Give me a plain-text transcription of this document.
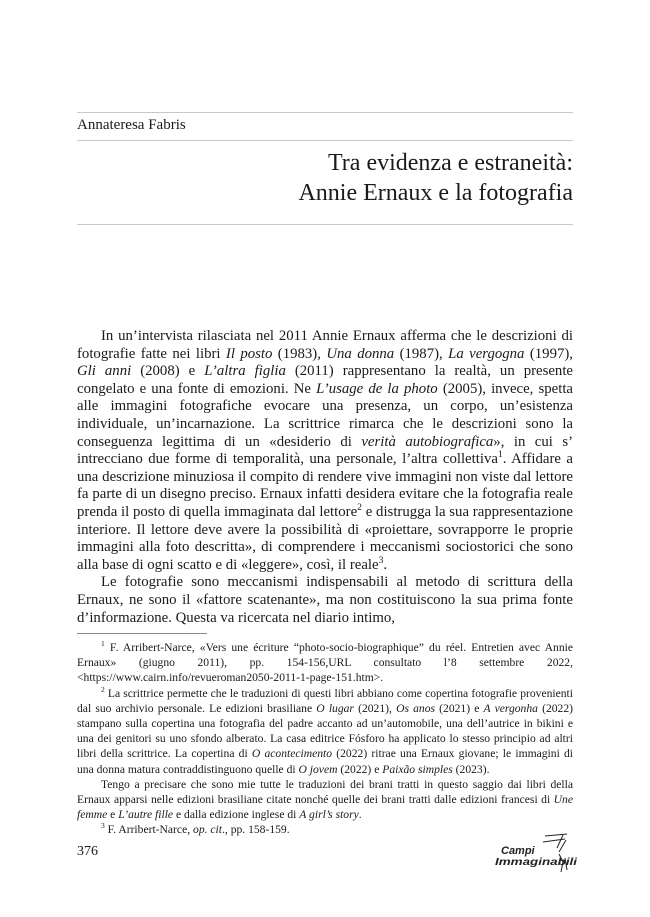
Annateresa Fabris
Tra evidenza e estraneità:
Annie Ernaux e la fotografia

In un’intervista rilasciata nel 2011 Annie Ernaux afferma che le descrizioni di fotografie fatte nei libri Il posto (1983), Una donna (1987), La vergogna (1997), Gli anni (2008) e L’altra figlia (2011) rappresentano la realtà, un presente congelato e una fonte di emozioni. Ne L’usage de la photo (2005), invece, spetta alle immagini fotografiche evocare una presenza, un corpo, un’esistenza individuale, un’incarnazione. La scrittrice rimarca che le descrizioni sono la conseguenza legittima di un «desiderio di verità autobiografica», in cui s’ intrecciano due forme di temporalità, una personale, l’altra collettiva$^1$. Affidare a una descrizione minuziosa il compito di rendere vive immagini non viste dal lettore fa parte di un disegno preciso. Ernaux infatti desidera evitare che la fotografia reale prenda il posto di quella immaginata dal lettore$^2$ e distrugga la sua rappresentazione interiore. Il lettore deve avere la possibilità di «proiettare, sovrapporre le proprie immagini alla foto descritta», di comprendere i meccanismi sociostorici che sono alla base di ogni scatto e di «leggere», così, il reale$^3$.

Le fotografie sono meccanismi indispensabili al metodo di scrittura della Ernaux, ne sono il «fattore scatenante», ma non costituiscono la sua prima fonte d’informazione. Questa va ricercata nel diario intimo,

$^1$ F. Arribert-Narce, «Vers une écriture “photo-socio-biographique” du réel. Entretien avec Annie Ernaux» (giugno 2011), pp. 154-156,URL consultato l’8 settembre 2022, <https://www.cairn.info/revueroman2050-2011-1-page-151.htm>.

$^2$ La scrittrice permette che le traduzioni di questi libri abbiano come copertina fotografie provenienti dal suo archivio personale. Le edizioni brasiliane O lugar (2021), Os anos (2021) e A vergonha (2022) stampano sulla copertina una fotografia del padre accanto ad un’automobile, una dell’autrice in bikini e una dei genitori su uno sfondo alberato. La casa editrice Fósforo ha applicato lo stesso principio ad altri libri della scrittrice. La copertina di O acontecimento (2022) ritrae una Ernaux giovane; le immagini di una donna matura contraddistinguono quelle di O jovem (2022) e Paixão simples (2023).

Tengo a precisare che sono mie tutte le traduzioni dei brani tratti in questo saggio dai libri della Ernaux apparsi nelle edizioni brasiliane citate nonché quelle dei brani tratti dalle edizioni francesi di Une femme e L’autre fille e dalla edizione inglese di A girl’s story.

$^3$ F. Arribert-Narce, op. cit., pp. 158-159.

376	Campi
Immaginabili
